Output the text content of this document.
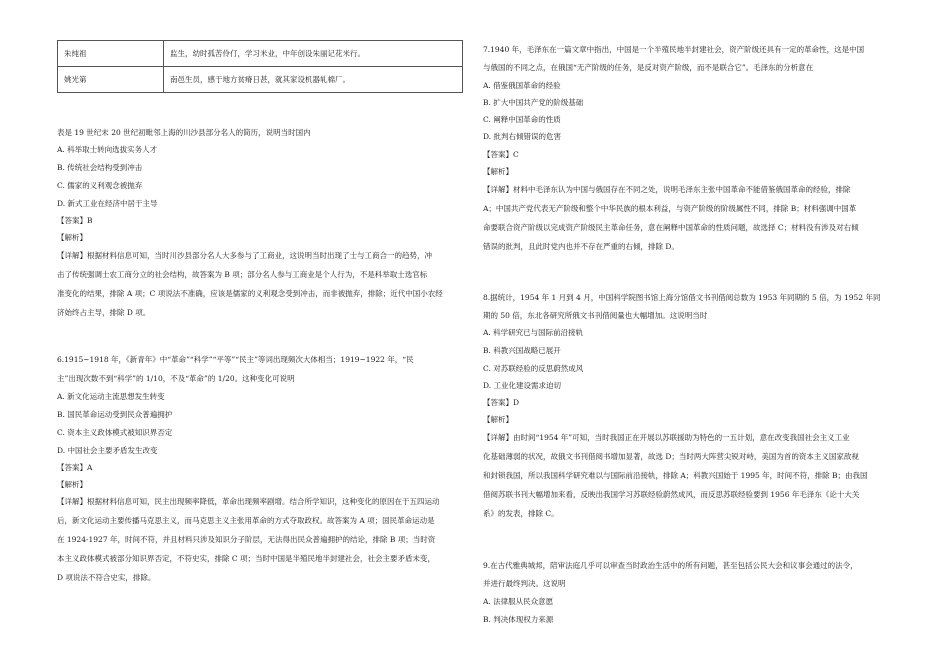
朱纯祖	监生，幼时孤苦伶仃，学习米业，中年创设朱丽记花米行。
姚光第	南邑生员，感于地方贫瘠日甚，就其家设机器轧棉厂。
表是 19 世纪末 20 世纪初毗邻上海的川沙县部分名人的简历，说明当时国内
A. 科举取士转向选拔实务人才
B. 传统社会结构受到冲击
C. 儒家的义利观念被抛弃
D. 新式工业在经济中居于主导
【答案】B
【解析】
【详解】根据材料信息可知，当时川沙县部分名人大多参与了工商业，这说明当时出现了士与工商合一的趋势，冲
击了传统强调士农工商分立的社会结构，故答案为 B 项；部分名人参与工商业是个人行为，不是科举取士选官标
准变化的结果，排除 A 项；C 项说法不准确，应该是儒家的义利观念受到冲击，而非被抛弃，排除；近代中国小农经
济始终占主导，排除 D 项。
6.1915~1918 年，《新青年》中“革命”“科学”“平等”“民主”等词出现频次大体相当；1919~1922 年，“民
主”出现次数不到“科学”的 1/10，不及“革命”的 1/20。这种变化可说明
A. 新文化运动主流思想发生转变
B. 国民革命运动受到民众普遍拥护
C. 资本主义政体模式被知识界否定
D. 中国社会主要矛盾发生改变
【答案】A
【解析】
【详解】根据材料信息可知，民主出现频率降低，革命出现频率剧增。结合所学知识，这种变化的原因在于五四运动
后，新文化运动主要传播马克思主义，而马克思主义主张用革命的方式夺取政权。故答案为 A 项；国民革命运动是
在 1924-1927 年，时间不符，并且材料只涉及知识分子阶层，无法得出民众普遍拥护的结论，排除 B 项；当时资
本主义政体模式被部分知识界否定，不符史实，排除 C 项；当时中国是半殖民地半封建社会，社会主要矛盾未变，
D 项说法不符合史实，排除。
7.1940 年，毛泽东在一篇文章中指出，中国是一个半殖民地半封建社会，资产阶级还具有一定的革命性，这是中国
与俄国的不同之点，在俄国“无产阶级的任务，是反对资产阶级，而不是联合它”。毛泽东的分析意在
A. 借鉴俄国革命的经验
B. 扩大中国共产党的阶级基础
C. 阐释中国革命的性质
D. 批判右倾错误的危害
【答案】C
【解析】
【详解】材料中毛泽东认为中国与俄国存在不同之处，说明毛泽东主张中国革命不能借鉴俄国革命的经验，排除
A；中国共产党代表无产阶级和整个中华民族的根本利益，与资产阶级的阶级属性不同，排除 B；材料强调中国革
命要联合资产阶级以完成资产阶级民主革命任务，意在阐释中国革命的性质问题，故选择 C；材料没有涉及对右倾
错误的批判，且此时党内也并不存在严重的右倾，排除 D。
8.据统计，1954 年 1 月到 4 月，中国科学院图书馆上海分馆借文书刊借阅总数为 1953 年同期的 5 倍，为 1952 年同
期的 50 倍，东北各研究所俄文书刊借阅量也大幅增加。这说明当时
A. 科学研究已与国际前沿接轨
B. 科教兴国战略已展开
C. 对苏联经验的反思蔚然成风
D. 工业化建设需求迫切
【答案】D
【解析】
【详解】由时间“1954 年”可知，当时我国正在开展以苏联援助为特色的一五计划，意在改变我国社会主义工业
化基础薄弱的状况，故俄文书刊借阅书增加显著，故选 D；当时两大阵营尖锐对峙，美国为首的资本主义国家敌视
和封锁我国，所以我国科学研究难以与国际前沿接轨，排除 A；科教兴国始于 1995 年，时间不符，排除 B；由我国
借阅苏联书刊大幅增加来看，反映出我国学习苏联经验蔚然成风，而反思苏联经验要到 1956 年毛泽东《论十大关
系》的发表，排除 C。
9.在古代雅典城邦，陪审法庭几乎可以审查当时政治生活中的所有问题，甚至包括公民大会和议事会通过的法令，
并进行最终判决。这说明
A. 法律服从民众意愿
B. 判决体现权力来源
